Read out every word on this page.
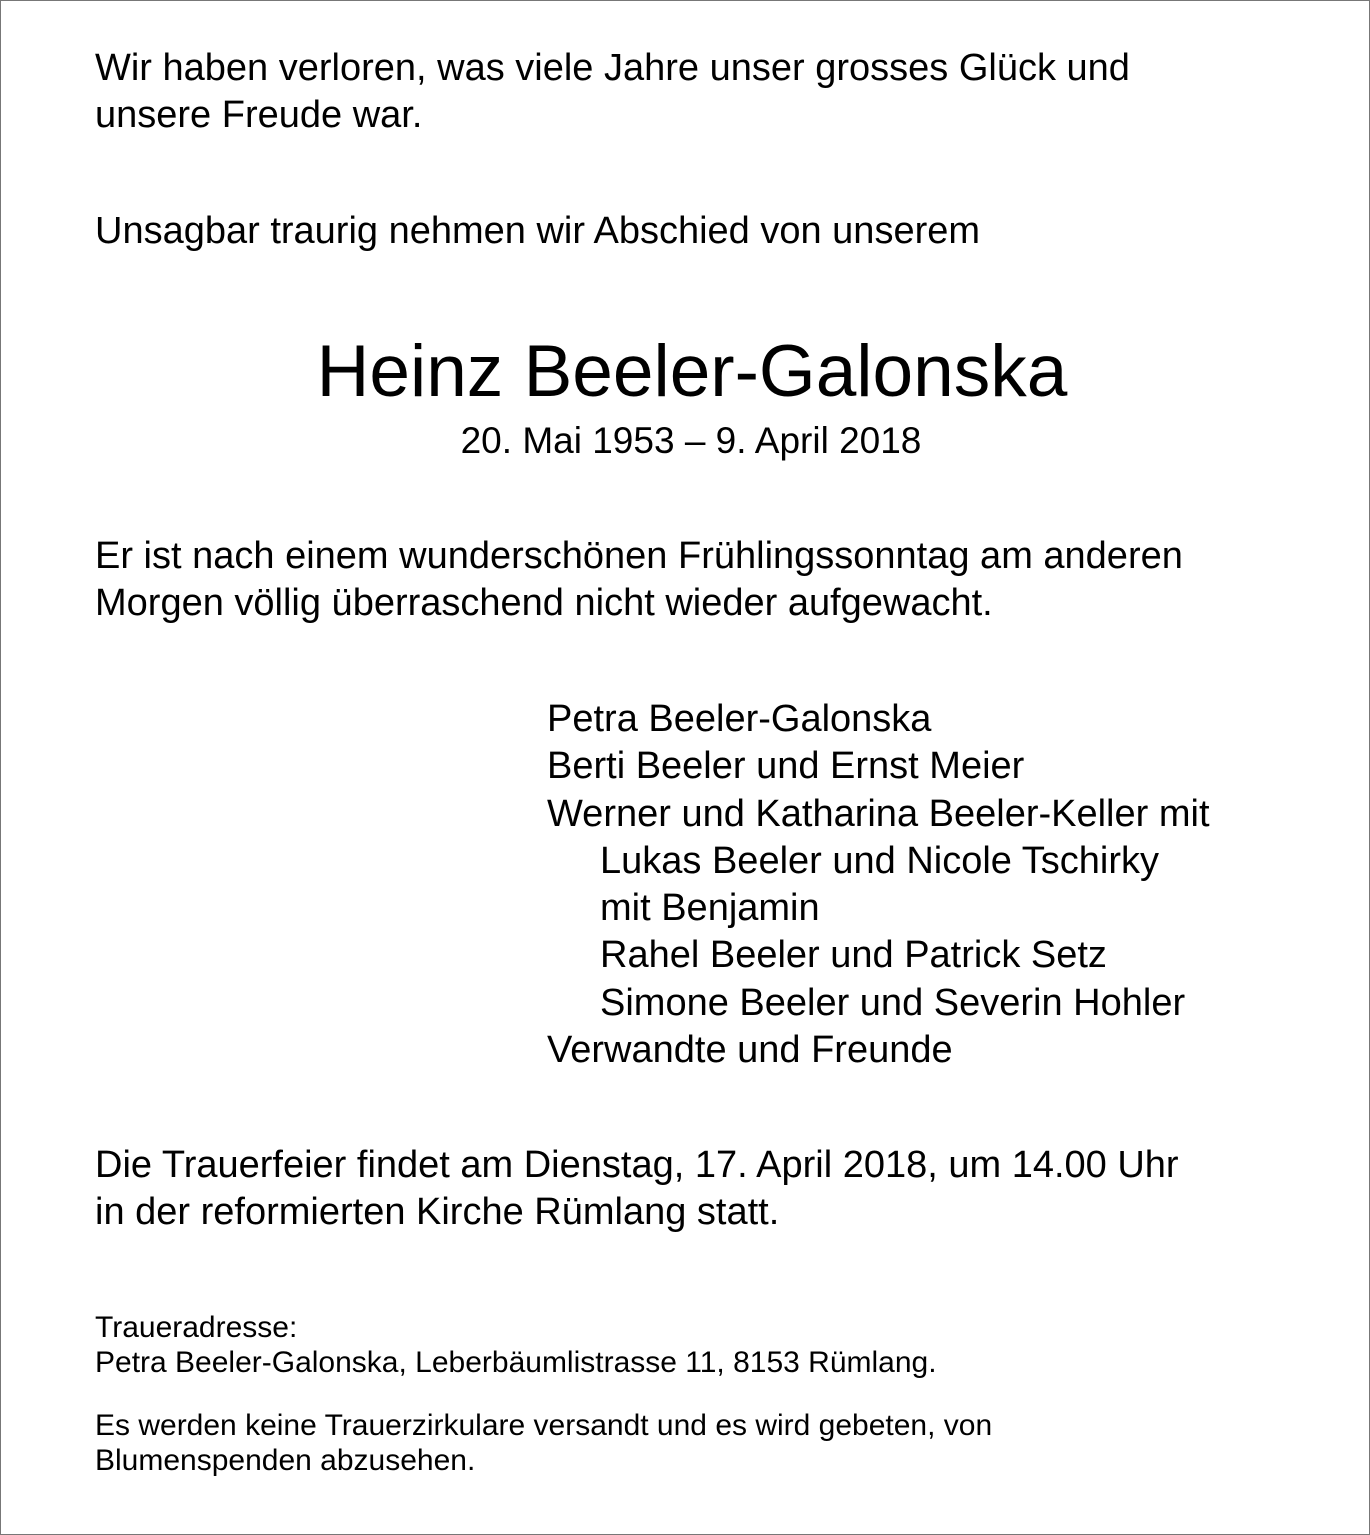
Wir haben verloren, was viele Jahre unser grosses Glück und
unsere Freude war.

Unsagbar traurig nehmen wir Abschied von unserem

Heinz Beeler-Galonska
20. Mai 1953 – 9. April 2018

Er ist nach einem wunderschönen Frühlingssonntag am anderen
Morgen völlig überraschend nicht wieder aufgewacht.

Petra Beeler-Galonska
Berti Beeler und Ernst Meier
Werner und Katharina Beeler-Keller mit
Lukas Beeler und Nicole Tschirky
mit Benjamin
Rahel Beeler und Patrick Setz
Simone Beeler und Severin Hohler
Verwandte und Freunde

Die Trauerfeier findet am Dienstag, 17. April 2018, um 14.00 Uhr
in der reformierten Kirche Rümlang statt.

Traueradresse:
Petra Beeler-Galonska, Leberbäumlistrasse 11, 8153 Rümlang.

Es werden keine Trauerzirkulare versandt und es wird gebeten, von
Blumenspenden abzusehen.
